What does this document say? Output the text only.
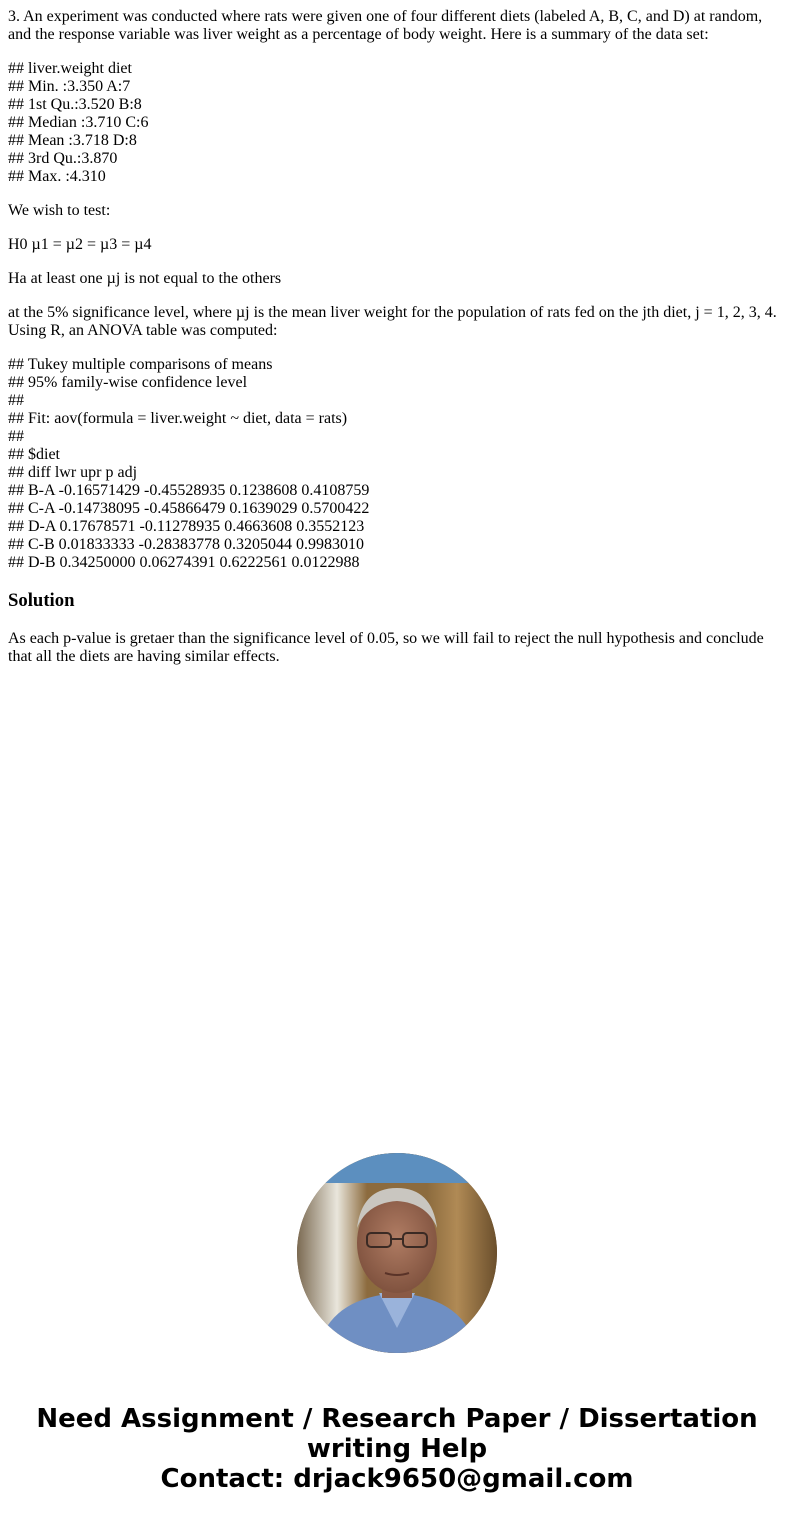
3. An experiment was conducted where rats were given one of four different diets (labeled A, B, C, and D) at random, and the response variable was liver weight as a percentage of body weight. Here is a summary of the data set:

## liver.weight diet
## Min. :3.350 A:7
## 1st Qu.:3.520 B:8
## Median :3.710 C:6
## Mean :3.718 D:8
## 3rd Qu.:3.870
## Max. :4.310

We wish to test:

H0 µ1 = µ2 = µ3 = µ4

Ha at least one µj is not equal to the others

at the 5% significance level, where µj is the mean liver weight for the population of rats fed on the jth diet, j = 1, 2, 3, 4. Using R, an ANOVA table was computed:

## Tukey multiple comparisons of means
## 95% family-wise confidence level
##
## Fit: aov(formula = liver.weight ~ diet, data = rats)
##
## $diet
## diff lwr upr p adj
## B-A -0.16571429 -0.45528935 0.1238608 0.4108759
## C-A -0.14738095 -0.45866479 0.1639029 0.5700422
## D-A 0.17678571 -0.11278935 0.4663608 0.3552123
## C-B 0.01833333 -0.28383778 0.3205044 0.9983010
## D-B 0.34250000 0.06274391 0.6222561 0.0122988

Solution

As each p-value is gretaer than the significance level of 0.05, so we will fail to reject the null hypothesis and conclude that all the diets are having similar effects.

Need Assignment / Research Paper / Dissertation
writing Help
Contact: drjack9650@gmail.com
